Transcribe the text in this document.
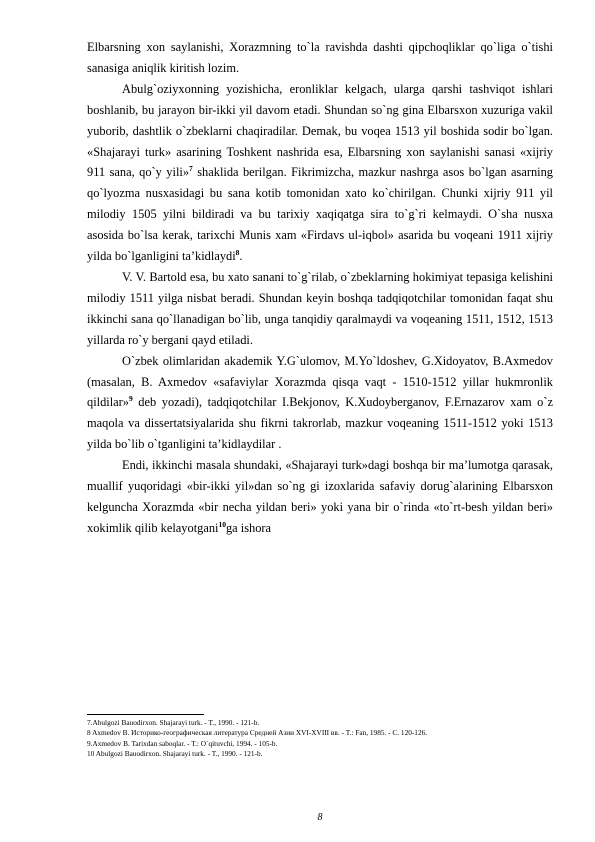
Elbarsning xon saylanishi, Xorazmning to`la ravishda dashti qipchoqliklar qo`liga o`tishi sanasiga aniqlik kiritish lozim.

Abulg`oziyxonning yozishicha, eronliklar kelgach, ularga qarshi tashviqot ishlari boshlanib, bu jarayon bir-ikki yil davom etadi. Shundan so`ng gina Elbarsxon xuzuriga vakil yuborib, dashtlik o`zbeklarni chaqiradilar. Demak, bu voqea 1513 yil boshida sodir bo`lgan. «Shajarayi turk» asarining Toshkent nashrida esa, Elbarsning xon saylanishi sanasi «xijriy 911 sana, qo`y yili»$^7$ shaklida berilgan. Fikrimizcha, mazkur nashrga asos bo`lgan asarning qo`lyozma nusxasidagi bu sana kotib tomonidan xato ko`chirilgan. Chunki xijriy 911 yil milodiy 1505 yilni bildiradi va bu tarixiy xaqiqatga sira to`g`ri kelmaydi. O`sha nusxa asosida bo`lsa kerak, tarixchi Munis xam «Firdavs ul-iqbol» asarida bu voqeani 1911 xijriy yilda bo`lganligini ta’kidlaydi$^8$.

V. V. Bartold esa, bu xato sanani to`g`rilab, o`zbeklarning hokimiyat tepasiga kelishini milodiy 1511 yilga nisbat beradi. Shundan keyin boshqa tadqiqotchilar tomonidan faqat shu ikkinchi sana qo`llanadigan bo`lib, unga tanqidiy qaralmaydi va voqeaning 1511, 1512, 1513 yillarda ro`y bergani qayd etiladi.

O`zbek olimlaridan akademik Y.G`ulomov, M.Yo`ldoshev, G.Xidoyatov, B.Axmedov (masalan, B. Axmedov «safaviylar Xorazmda qisqa vaqt - 1510-1512 yillar hukmronlik qildilar»$^9$ deb yozadi), tadqiqotchilar I.Bekjonov, K.Xudoyberganov, F.Ernazarov xam o`z maqola va dissertatsiyalarida shu fikrni takrorlab, mazkur voqeaning 1511-1512 yoki 1513 yilda bo`lib o`tganligini ta’kidlaydilar .

Endi, ikkinchi masala shundaki, «Shajarayi turk»dagi boshqa bir ma’lumotga qarasak, muallif yuqoridagi «bir-ikki yil»dan so`ng gi izoxlarida safaviy dorug`alarining Elbarsxon kelguncha Xorazmda «bir necha yildan beri» yoki yana bir o`rinda «to`rt-besh yildan beri» xokimlik qilib kelayotgani$^{10}$ga ishora

7.Abulgozi Bauodirxon. Shajarayi turk. - T., 1990. - 121-b.
8 Axmedov B. Историко-географическая литература Средней Азии XVI-XVIII вв. - T.: Fan, 1985. - C. 120-126.
9.Axmedov B. Tarixdan saboqlar. - T.: O`qituvchi, 1994. - 105-b.
10 Abulgozi Bauodirxon. Shajarayi turk. - T., 1990. - 121-b.
8
